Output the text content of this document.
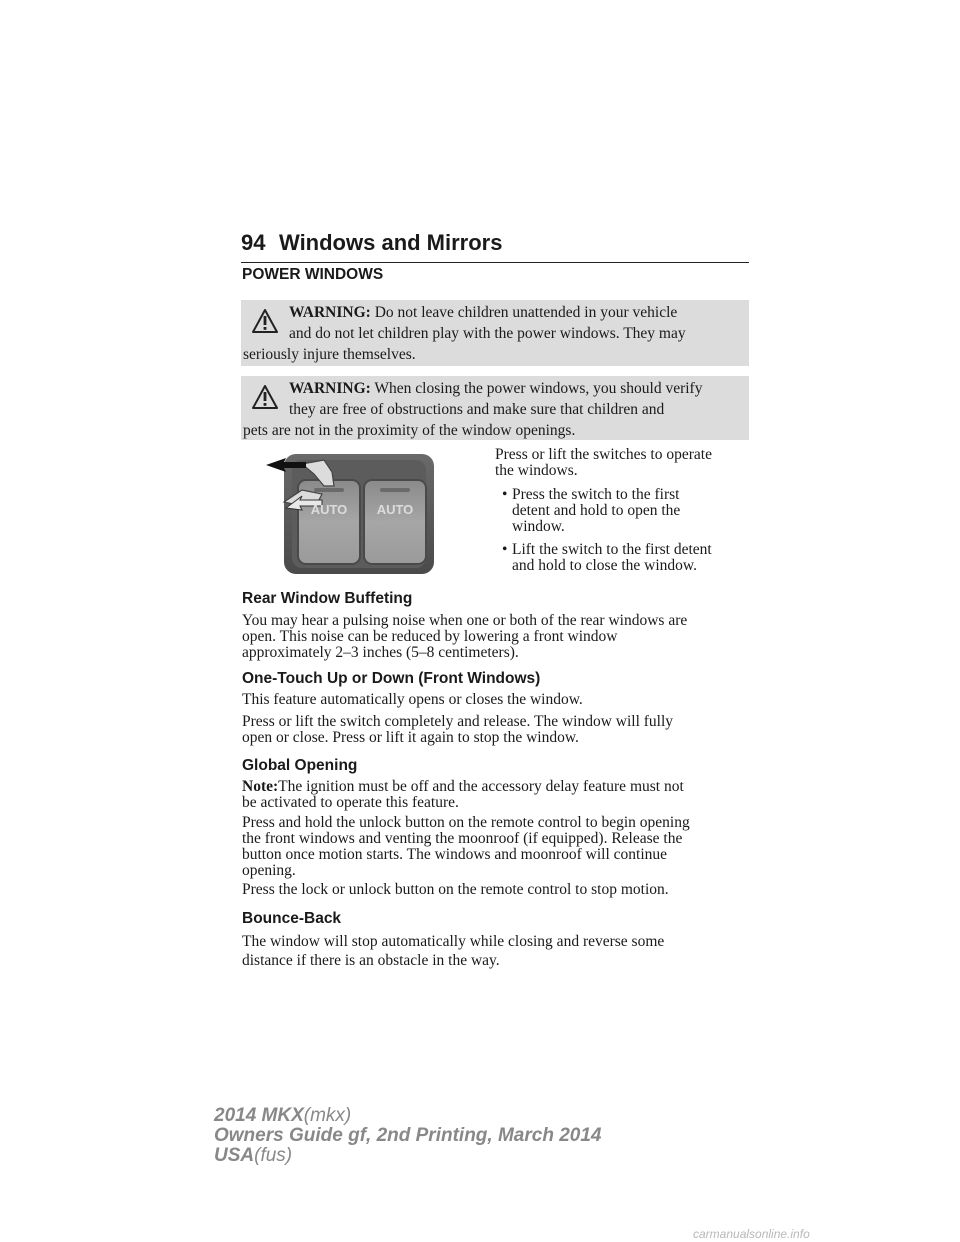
94 Windows and Mirrors
POWER WINDOWS
WARNING: Do not leave children unattended in your vehicle
and do not let children play with the power windows. They may
seriously injure themselves.
WARNING: When closing the power windows, you should verify
they are free of obstructions and make sure that children and
pets are not in the proximity of the window openings.
AUTO AUTO
Press or lift the switches to operate
the windows.
• Press the switch to the first
detent and hold to open the
window.
• Lift the switch to the first detent
and hold to close the window.
Rear Window Buffeting
You may hear a pulsing noise when one or both of the rear windows are
open. This noise can be reduced by lowering a front window
approximately 2–3 inches (5–8 centimeters).
One-Touch Up or Down (Front Windows)
This feature automatically opens or closes the window.
Press or lift the switch completely and release. The window will fully
open or close. Press or lift it again to stop the window.
Global Opening
Note:The ignition must be off and the accessory delay feature must not
be activated to operate this feature.
Press and hold the unlock button on the remote control to begin opening
the front windows and venting the moonroof (if equipped). Release the
button once motion starts. The windows and moonroof will continue
opening.
Press the lock or unlock button on the remote control to stop motion.
Bounce-Back
The window will stop automatically while closing and reverse some
distance if there is an obstacle in the way.
2014 MKX(mkx)
Owners Guide gf, 2nd Printing, March 2014
USA(fus)
carmanualsonline.info
